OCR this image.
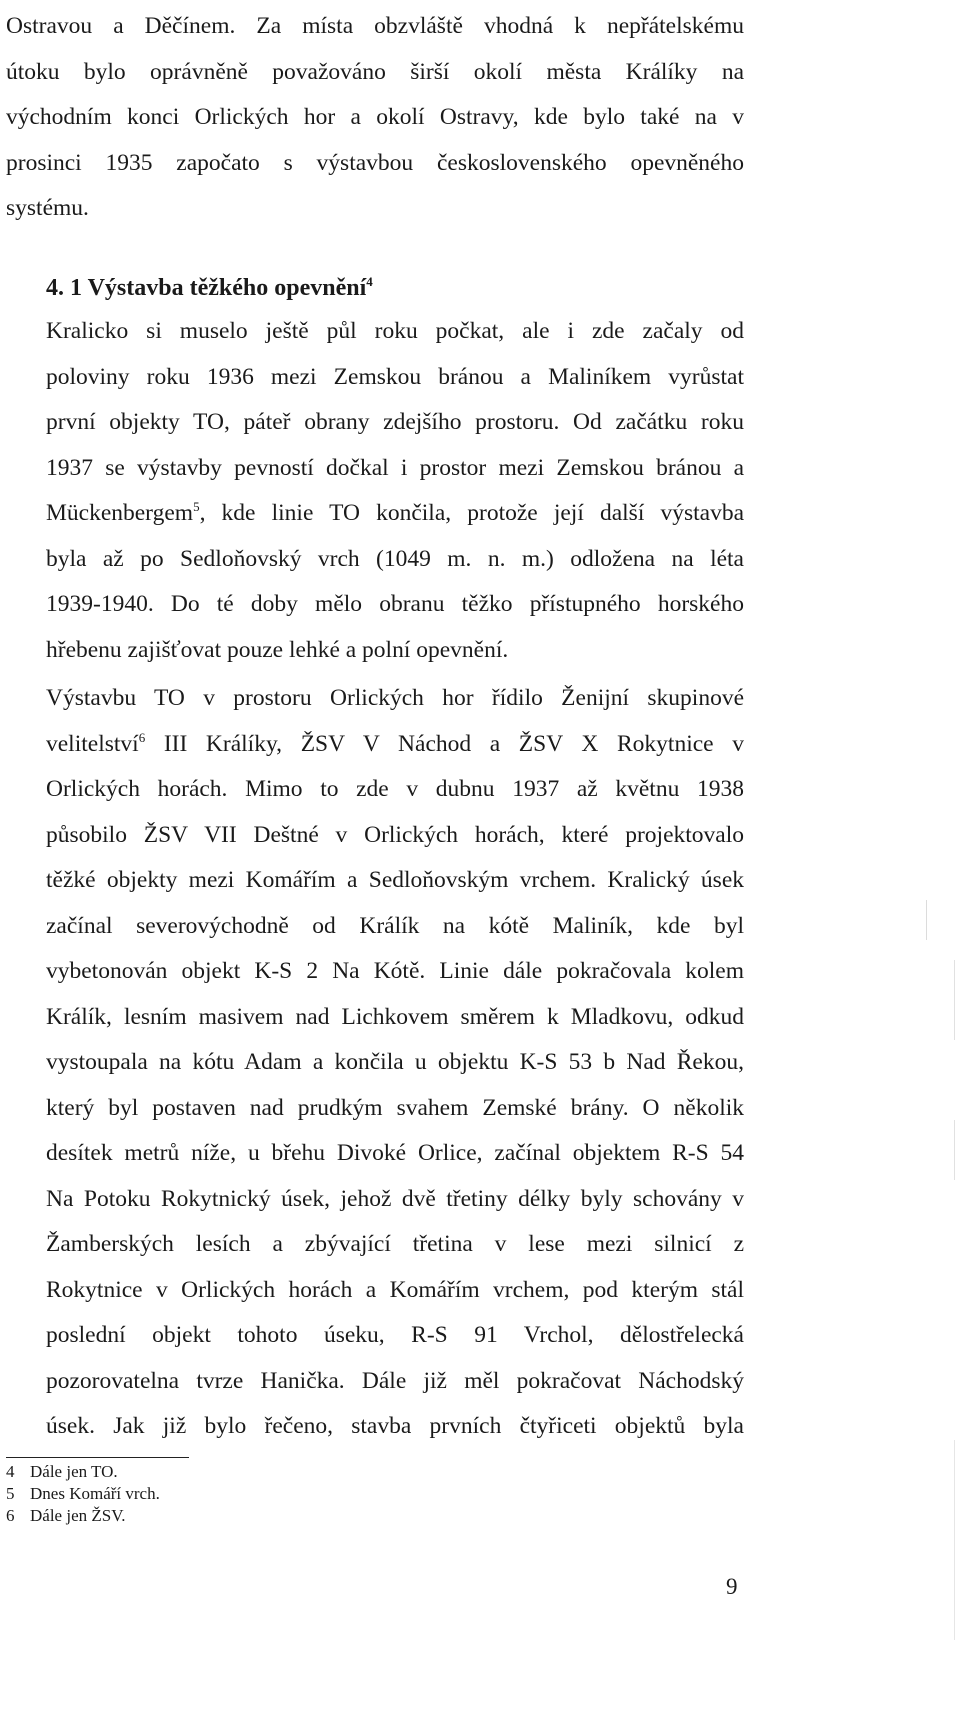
Ostravou a Děčínem. Za místa obzvláště vhodná k nepřátelskému
útoku bylo oprávněně považováno širší okolí města Králíky na
východním konci Orlických hor a okolí Ostravy, kde bylo také na v
prosinci 1935 započato s výstavbou československého opevněného
systému.
4. 1 Výstavba těžkého opevnění$^4$
Kralicko si muselo ještě půl roku počkat, ale i zde začaly od
poloviny roku 1936 mezi Zemskou bránou a Maliníkem vyrůstat
první objekty TO, páteř obrany zdejšího prostoru. Od začátku roku
1937 se výstavby pevností dočkal i prostor mezi Zemskou bránou a
Mückenbergem$^5$, kde linie TO končila, protože její další výstavba
byla až po Sedloňovský vrch (1049 m. n. m.) odložena na léta
1939-1940. Do té doby mělo obranu těžko přístupného horského
hřebenu zajišťovat pouze lehké a polní opevnění.
Výstavbu TO v prostoru Orlických hor řídilo Ženijní skupinové
velitelství$^6$ III Králíky, ŽSV V Náchod a ŽSV X Rokytnice v
Orlických horách. Mimo to zde v dubnu 1937 až květnu 1938
působilo ŽSV VII Deštné v Orlických horách, které projektovalo
těžké objekty mezi Komářím a Sedloňovským vrchem. Kralický úsek
začínal severovýchodně od Králík na kótě Maliník, kde byl
vybetonován objekt K-S 2 Na Kótě. Linie dále pokračovala kolem
Králík, lesním masivem nad Lichkovem směrem k Mladkovu, odkud
vystoupala na kótu Adam a končila u objektu K-S 53 b Nad Řekou,
který byl postaven nad prudkým svahem Zemské brány. O několik
desítek metrů níže, u břehu Divoké Orlice, začínal objektem R-S 54
Na Potoku Rokytnický úsek, jehož dvě třetiny délky byly schovány v
Žamberských lesích a zbývající třetina v lese mezi silnicí z
Rokytnice v Orlických horách a Komářím vrchem, pod kterým stál
poslední objekt tohoto úseku, R-S 91 Vrchol, dělostřelecká
pozorovatelna tvrze Hanička. Dále již měl pokračovat Náchodský
úsek. Jak již bylo řečeno, stavba prvních čtyřiceti objektů byla
4 Dále jen TO.
5 Dnes Komáří vrch.
6 Dále jen ŽSV.
9
